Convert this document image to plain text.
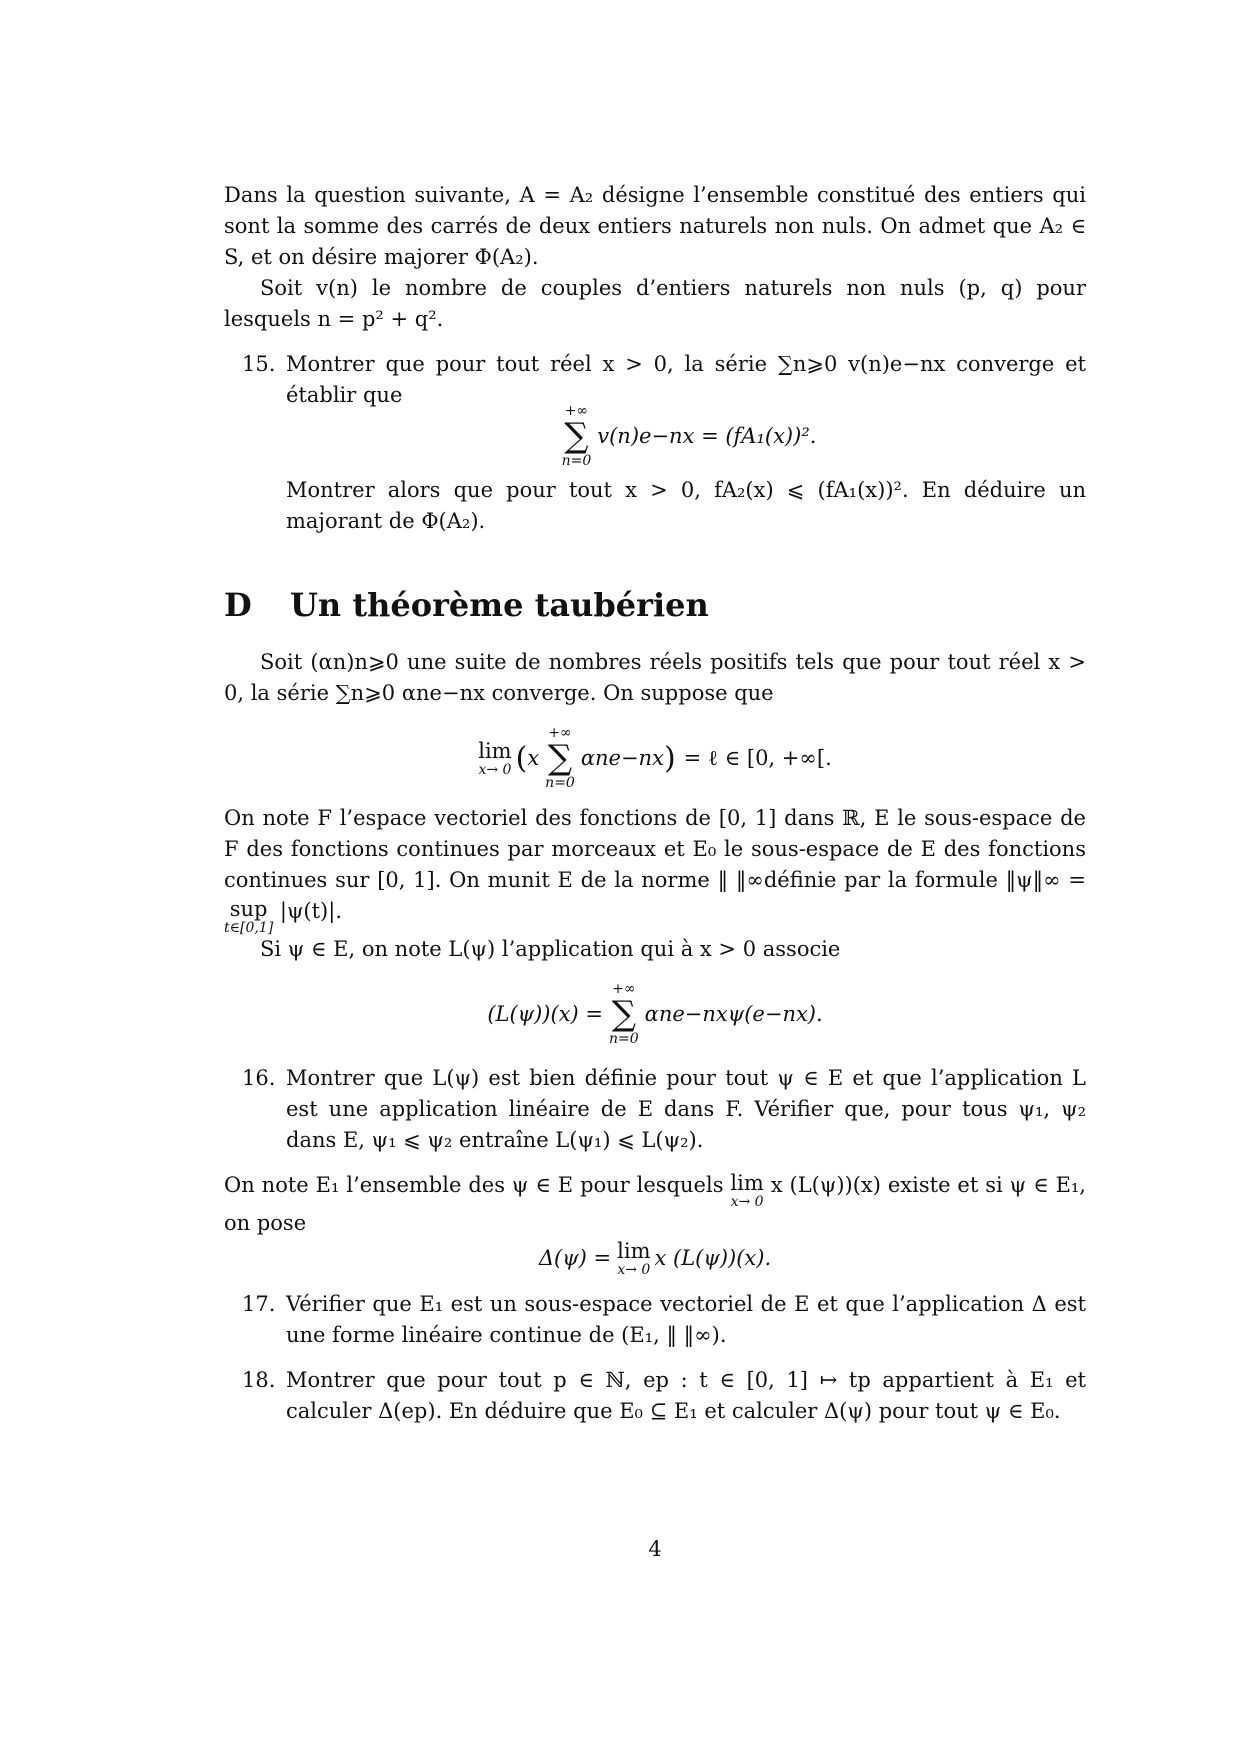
Dans la question suivante, A = A₂ désigne l’ensemble constitué des entiers qui sont la somme des carrés de deux entiers naturels non nuls. On admet que A₂ ∈ S, et on désire majorer Φ(A₂).

Soit v(n) le nombre de couples d’entiers naturels non nuls (p, q) pour lesquels n = p² + q².

15. Montrer que pour tout réel x > 0, la série ∑n⩾0 v(n)e−nx converge et établir que
+∞
∑
n=0
v(n)e−nx = (fA₁(x))².
Montrer alors que pour tout x > 0, fA₂(x) ⩽ (fA₁(x))². En déduire un majorant de Φ(A₂).
D Un théorème taubérien

Soit (αn)n⩾0 une suite de nombres réels positifs tels que pour tout réel x > 0, la série ∑n⩾0 αne−nx converge. On suppose que

lim
x→ 0 ( x
+∞
∑
n=0
αne−nx ) = ℓ ∈ [0, +∞[.

On note F l’espace vectoriel des fonctions de [0, 1] dans ℝ, E le sous-espace de F des fonctions continues par morceaux et E₀ le sous-espace de E des fonctions continues sur [0, 1]. On munit E de la norme ‖ ‖∞définie par la formule ‖ψ‖∞ =
sup
t∈[0,1]
|ψ(t)|.

Si ψ ∈ E, on note L(ψ) l’application qui à x > 0 associe

(L(ψ))(x) =
+∞
∑
n=0
αne−nxψ(e−nx).
16. Montrer que L(ψ) est bien définie pour tout ψ ∈ E et que l’application L est une application linéaire de E dans F. Vérifier que, pour tous ψ₁, ψ₂ dans E, ψ₁ ⩽ ψ₂ entraîne L(ψ₁) ⩽ L(ψ₂).

On note E₁ l’ensemble des ψ ∈ E pour lesquels lim
x→ 0
x (L(ψ))(x) existe et si ψ ∈ E₁, on pose

Δ(ψ) = lim
x→ 0
x (L(ψ))(x).
17. Vérifier que E₁ est un sous-espace vectoriel de E et que l’application Δ est une forme linéaire continue de (E₁, ‖ ‖∞).
18. Montrer que pour tout p ∈ ℕ, ep : t ∈ [0, 1] ↦ tp appartient à E₁ et calculer Δ(ep). En déduire que E₀ ⊆ E₁ et calculer Δ(ψ) pour tout ψ ∈ E₀.
4
